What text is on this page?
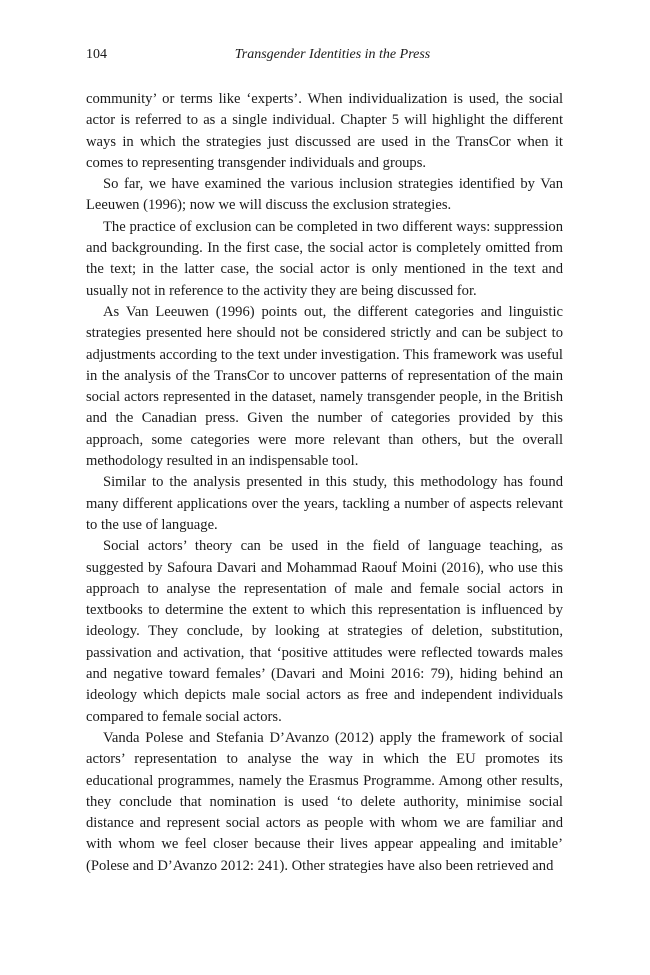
104	Transgender Identities in the Press

community’ or terms like ‘experts’. When individualization is used, the social actor is referred to as a single individual. Chapter 5 will highlight the different ways in which the strategies just discussed are used in the TransCor when it comes to representing transgender individuals and groups.

So far, we have examined the various inclusion strategies identified by Van Leeuwen (1996); now we will discuss the exclusion strategies.

The practice of exclusion can be completed in two different ways: suppression and backgrounding. In the first case, the social actor is completely omitted from the text; in the latter case, the social actor is only mentioned in the text and usually not in reference to the activity they are being discussed for.

As Van Leeuwen (1996) points out, the different categories and linguistic strategies presented here should not be considered strictly and can be subject to adjustments according to the text under investigation. This framework was useful in the analysis of the TransCor to uncover patterns of representation of the main social actors represented in the dataset, namely transgender people, in the British and the Canadian press. Given the number of categories provided by this approach, some categories were more relevant than others, but the overall methodology resulted in an indispensable tool.

Similar to the analysis presented in this study, this methodology has found many different applications over the years, tackling a number of aspects relevant to the use of language.

Social actors’ theory can be used in the field of language teaching, as suggested by Safoura Davari and Mohammad Raouf Moini (2016), who use this approach to analyse the representation of male and female social actors in textbooks to determine the extent to which this representation is influenced by ideology. They conclude, by looking at strategies of deletion, substitution, passivation and activation, that ‘positive attitudes were reflected towards males and negative toward females’ (Davari and Moini 2016: 79), hiding behind an ideology which depicts male social actors as free and independent individuals compared to female social actors.

Vanda Polese and Stefania D’Avanzo (2012) apply the framework of social actors’ representation to analyse the way in which the EU promotes its educational programmes, namely the Erasmus Programme. Among other results, they conclude that nomination is used ‘to delete authority, minimise social distance and represent social actors as people with whom we are familiar and with whom we feel closer because their lives appear appealing and imitable’ (Polese and D’Avanzo 2012: 241). Other strategies have also been retrieved and
